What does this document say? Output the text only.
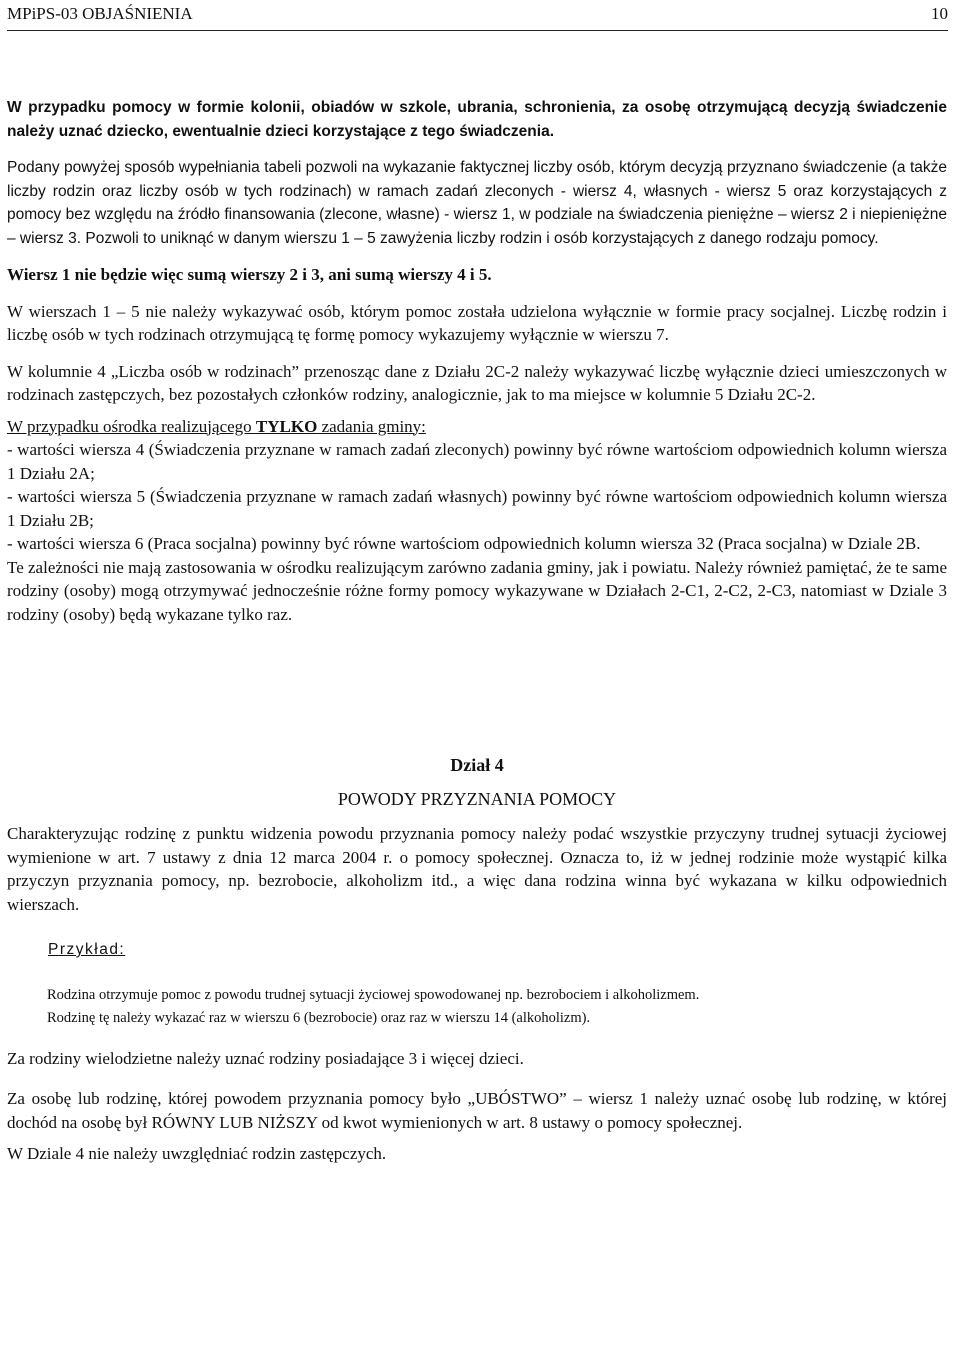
MPiPS-03 OBJAŚNIENIA	10

W przypadku pomocy w formie kolonii, obiadów w szkole, ubrania, schronienia, za osobę otrzymującą decyzją świadczenie należy uznać dziecko, ewentualnie dzieci korzystające z tego świadczenia.

Podany powyżej sposób wypełniania tabeli pozwoli na wykazanie faktycznej liczby osób, którym decyzją przyznano świadczenie (a także liczby rodzin oraz liczby osób w tych rodzinach) w ramach zadań zleconych - wiersz 4, własnych - wiersz 5 oraz korzystających z pomocy bez względu na źródło finansowania (zlecone, własne) - wiersz 1, w podziale na świadczenia pieniężne – wiersz 2 i niepieniężne – wiersz 3. Pozwoli to uniknąć w danym wierszu 1 – 5 zawyżenia liczby rodzin i osób korzystających z danego rodzaju pomocy.

Wiersz 1 nie będzie więc sumą wierszy 2 i 3, ani sumą wierszy 4 i 5.

W wierszach 1 – 5 nie należy wykazywać osób, którym pomoc została udzielona wyłącznie w formie pracy socjalnej. Liczbę rodzin i liczbę osób w tych rodzinach otrzymującą tę formę pomocy wykazujemy wyłącznie w wierszu 7.

W kolumnie 4 „Liczba osób w rodzinach” przenosząc dane z Działu 2C-2 należy wykazywać liczbę wyłącznie dzieci umieszczonych w rodzinach zastępczych, bez pozostałych członków rodziny, analogicznie, jak to ma miejsce w kolumnie 5 Działu 2C-2.

W przypadku ośrodka realizującego TYLKO zadania gminy:

- wartości wiersza 4 (Świadczenia przyznane w ramach zadań zleconych) powinny być równe wartościom odpowiednich kolumn wiersza 1 Działu 2A;

- wartości wiersza 5 (Świadczenia przyznane w ramach zadań własnych) powinny być równe wartościom odpowiednich kolumn wiersza 1 Działu 2B;

- wartości wiersza 6 (Praca socjalna) powinny być równe wartościom odpowiednich kolumn wiersza 32 (Praca socjalna) w Dziale 2B.

Te zależności nie mają zastosowania w ośrodku realizującym zarówno zadania gminy, jak i powiatu. Należy również pamiętać, że te same rodziny (osoby) mogą otrzymywać jednocześnie różne formy pomocy wykazywane w Działach 2-C1, 2-C2, 2-C3, natomiast w Dziale 3 rodziny (osoby) będą wykazane tylko raz.

Dział 4
POWODY PRZYZNANIA POMOCY

Charakteryzując rodzinę z punktu widzenia powodu przyznania pomocy należy podać wszystkie przyczyny trudnej sytuacji życiowej wymienione w art. 7 ustawy z dnia 12 marca 2004 r. o pomocy społecznej. Oznacza to, iż w jednej rodzinie może wystąpić kilka przyczyn przyznania pomocy, np. bezrobocie, alkoholizm itd., a więc dana rodzina winna być wykazana w kilku odpowiednich wierszach.

Przykład:
Rodzina otrzymuje pomoc z powodu trudnej sytuacji życiowej spowodowanej np. bezrobociem i alkoholizmem.
Rodzinę tę należy wykazać raz w wierszu 6 (bezrobocie) oraz raz w wierszu 14 (alkoholizm).

Za rodziny wielodzietne należy uznać rodziny posiadające 3 i więcej dzieci.

Za osobę lub rodzinę, której powodem przyznania pomocy było „UBÓSTWO” – wiersz 1 należy uznać osobę lub rodzinę, w której dochód na osobę był RÓWNY LUB NIŻSZY od kwot wymienionych w art. 8 ustawy o pomocy społecznej.

W Dziale 4 nie należy uwzględniać rodzin zastępczych.
